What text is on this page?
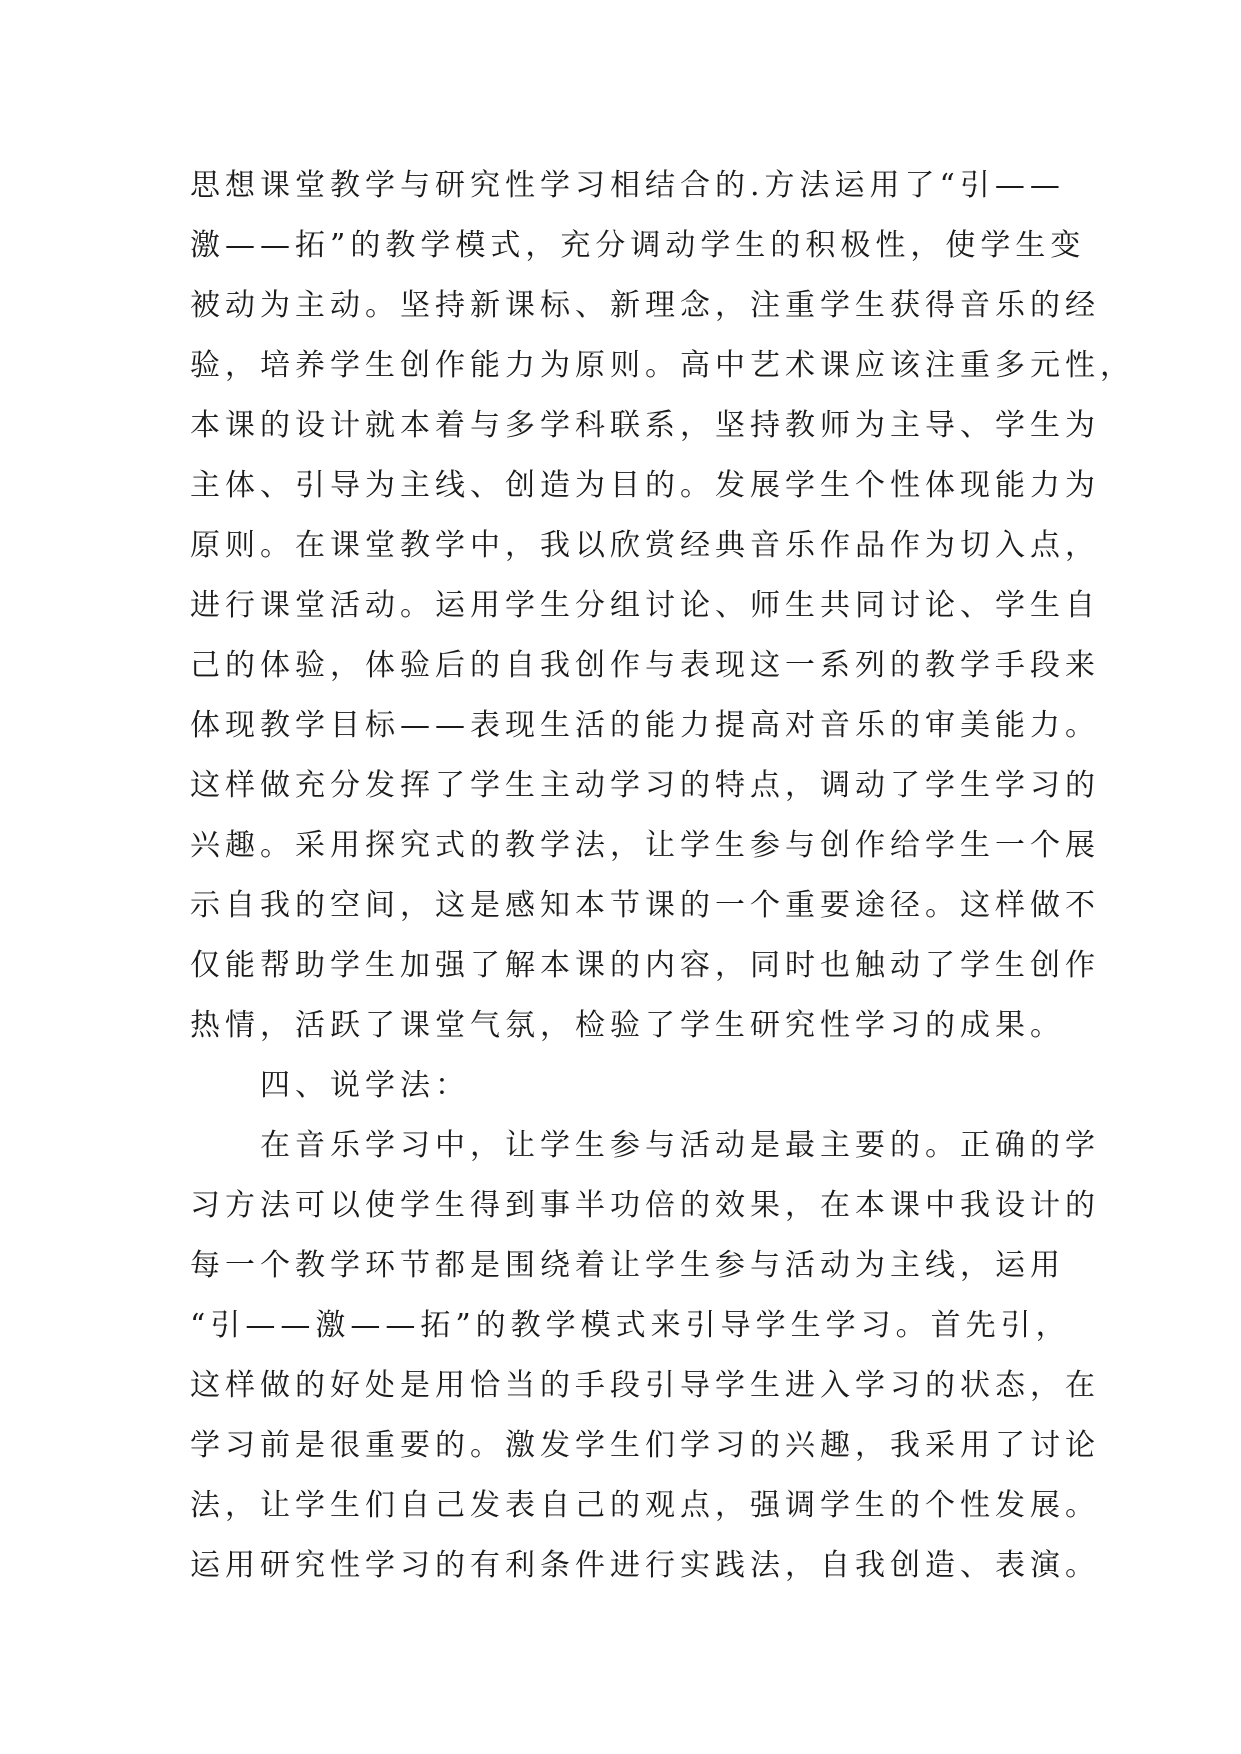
思想课堂教学与研究性学习相结合的.方法运用了“引——
激——拓”的教学模式，充分调动学生的积极性，使学生变
被动为主动。坚持新课标、新理念，注重学生获得音乐的经
验，培养学生创作能力为原则。高中艺术课应该注重多元性，
本课的设计就本着与多学科联系，坚持教师为主导、学生为
主体、引导为主线、创造为目的。发展学生个性体现能力为
原则。在课堂教学中，我以欣赏经典音乐作品作为切入点，
进行课堂活动。运用学生分组讨论、师生共同讨论、学生自
己的体验，体验后的自我创作与表现这一系列的教学手段来
体现教学目标——表现生活的能力提高对音乐的审美能力。
这样做充分发挥了学生主动学习的特点，调动了学生学习的
兴趣。采用探究式的教学法，让学生参与创作给学生一个展
示自我的空间，这是感知本节课的一个重要途径。这样做不
仅能帮助学生加强了解本课的内容，同时也触动了学生创作
热情，活跃了课堂气氛，检验了学生研究性学习的成果。
　　四、说学法：
　　在音乐学习中，让学生参与活动是最主要的。正确的学
习方法可以使学生得到事半功倍的效果，在本课中我设计的
每一个教学环节都是围绕着让学生参与活动为主线，运用
“引——激——拓”的教学模式来引导学生学习。首先引，
这样做的好处是用恰当的手段引导学生进入学习的状态，在
学习前是很重要的。激发学生们学习的兴趣，我采用了讨论
法，让学生们自己发表自己的观点，强调学生的个性发展。
运用研究性学习的有利条件进行实践法，自我创造、表演。
